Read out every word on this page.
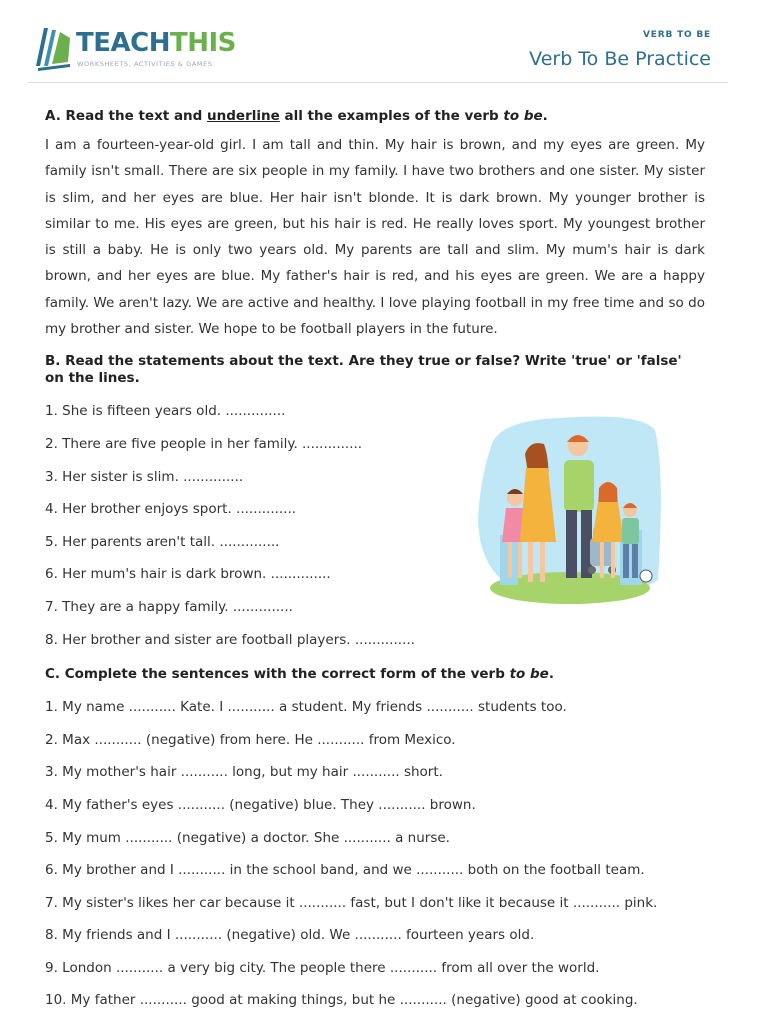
TEACHTHIS
WORKSHEETS, ACTIVITIES & GAMES
VERB TO BE
Verb To Be Practice
A. Read the text and underline all the examples of the verb to be.
I am a fourteen-year-old girl. I am tall and thin. My hair is brown, and my eyes are green. My family isn't small. There are six people in my family. I have two brothers and one sister. My sister is slim, and her eyes are blue. Her hair isn't blonde. It is dark brown. My younger brother is similar to me. His eyes are green, but his hair is red. He really loves sport. My youngest brother is still a baby. He is only two years old. My parents are tall and slim. My mum's hair is dark brown, and her eyes are blue. My father's hair is red, and his eyes are green. We are a happy family. We aren't lazy. We are active and healthy. I love playing football in my free time and so do my brother and sister. We hope to be football players in the future.
B. Read the statements about the text. Are they true or false? Write 'true' or 'false' on the lines.
1. She is fifteen years old. ..............
2. There are five people in her family. ..............
3. Her sister is slim. ..............
4. Her brother enjoys sport. ..............
5. Her parents aren't tall. ..............
6. Her mum's hair is dark brown. ..............
7. They are a happy family. ..............
8. Her brother and sister are football players. ..............
C. Complete the sentences with the correct form of the verb to be.
1. My name ........... Kate. I ........... a student. My friends ........... students too.
2. Max ........... (negative) from here. He ........... from Mexico.
3. My mother's hair ........... long, but my hair ........... short.
4. My father's eyes ........... (negative) blue. They ........... brown.
5. My mum ........... (negative) a doctor. She ........... a nurse.
6. My brother and I ........... in the school band, and we ........... both on the football team.
7. My sister's likes her car because it ........... fast, but I don't like it because it ........... pink.
8. My friends and I ........... (negative) old. We ........... fourteen years old.
9. London ........... a very big city. The people there ........... from all over the world.
10. My father ........... good at making things, but he ........... (negative) good at cooking.
